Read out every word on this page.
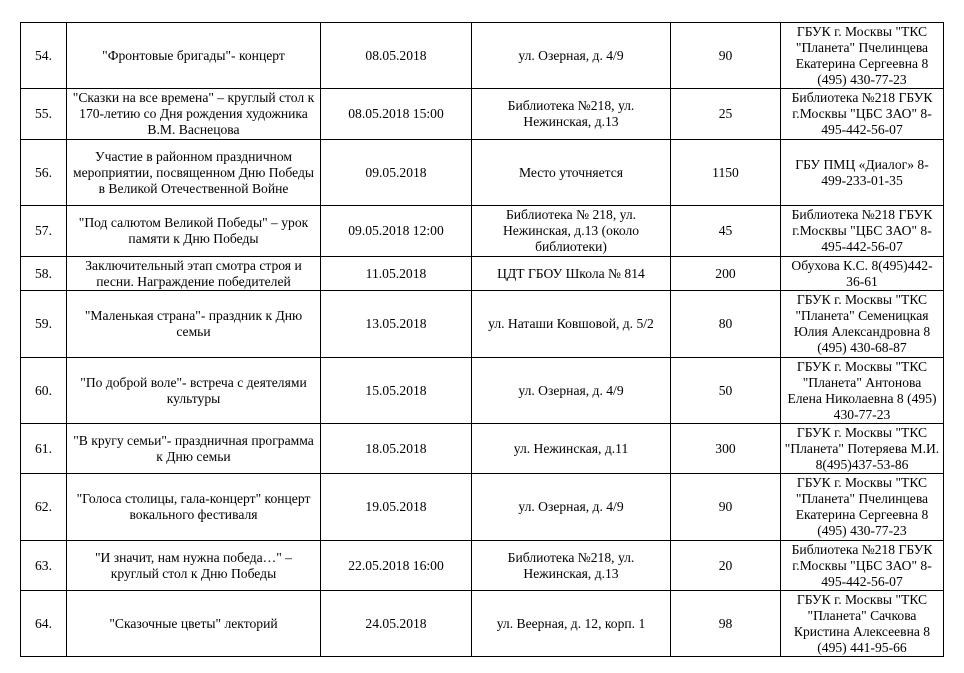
54.	"Фронтовые бригады"- концерт	08.05.2018	ул. Озерная, д. 4/9	90	ГБУК г. Москвы "ТКС "Планета" Пчелинцева Екатерина Сергеевна 8 (495) 430-77-23
55.	"Сказки на все времена" – круглый стол к 170-летию со Дня рождения художника В.М. Васнецова	08.05.2018 15:00	Библиотека №218, ул. Нежинская, д.13	25	Библиотека №218 ГБУК г.Москвы "ЦБС ЗАО" 8-495-442-56-07
56.	Участие в районном праздничном мероприятии, посвященном Дню Победы в Великой Отечественной Войне	09.05.2018	Место уточняется	1150	ГБУ ПМЦ «Диалог» 8-499-233-01-35
57.	"Под салютом Великой Победы" – урок памяти к Дню Победы	09.05.2018 12:00	Библиотека № 218, ул. Нежинская, д.13 (около библиотеки)	45	Библиотека №218 ГБУК г.Москвы "ЦБС ЗАО" 8-495-442-56-07
58.	Заключительный этап смотра строя и песни. Награждение победителей	11.05.2018	ЦДТ ГБОУ Школа № 814	200	Обухова К.С. 8(495)442-36-61
59.	"Маленькая страна"- праздник к Дню семьи	13.05.2018	ул. Наташи Ковшовой, д. 5/2	80	ГБУК г. Москвы "ТКС "Планета" Семеницкая Юлия Александровна 8 (495) 430-68-87
60.	"По доброй воле"- встреча с деятелями культуры	15.05.2018	ул. Озерная, д. 4/9	50	ГБУК г. Москвы "ТКС "Планета" Антонова Елена Николаевна 8 (495) 430-77-23
61.	"В кругу семьи"- праздничная программа к Дню семьи	18.05.2018	ул. Нежинская, д.11	300	ГБУК г. Москвы "ТКС "Планета" Потеряева М.И. 8(495)437-53-86
62.	"Голоса столицы, гала-концерт" концерт вокального фестиваля	19.05.2018	ул. Озерная, д. 4/9	90	ГБУК г. Москвы "ТКС "Планета" Пчелинцева Екатерина Сергеевна 8 (495) 430-77-23
63.	"И значит, нам нужна победа…" – круглый стол к Дню Победы	22.05.2018 16:00	Библиотека №218, ул. Нежинская, д.13	20	Библиотека №218 ГБУК г.Москвы "ЦБС ЗАО" 8-495-442-56-07
64.	"Сказочные цветы" лекторий	24.05.2018	ул. Веерная, д. 12, корп. 1	98	ГБУК г. Москвы "ТКС "Планета" Сачкова Кристина Алексеевна 8 (495) 441-95-66
